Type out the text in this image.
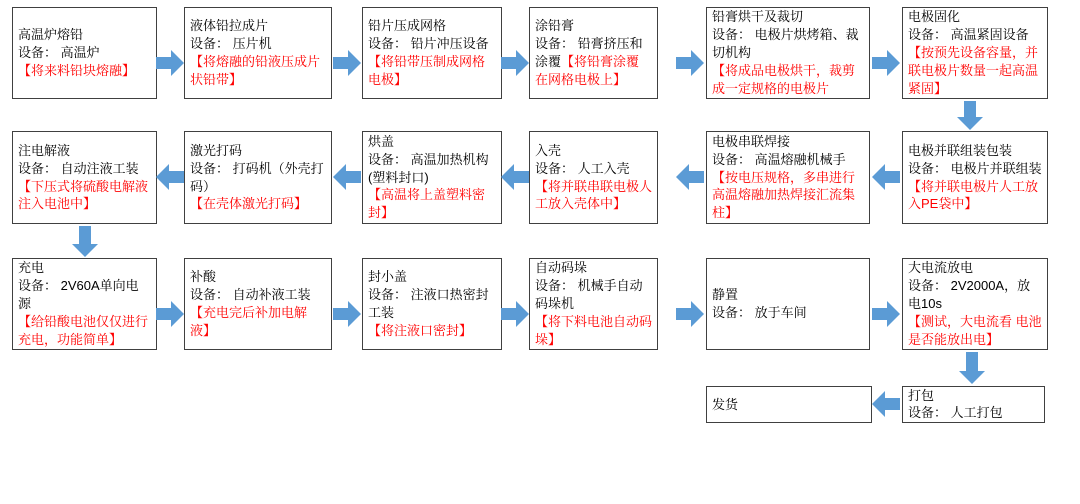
高温炉熔铅
设备： 高温炉
【将来料铅块熔融】
液体铅拉成片
设备： 压片机
【将熔融的铅液压成片状铅带】
铅片压成网格
设备： 铅片冲压设备
【将铅带压制成网格电极】
涂铅膏
设备： 铅膏挤压和涂覆【将铅膏涂覆在网格电极上】
铅膏烘干及裁切
设备： 电极片烘烤箱、裁切机构
【将成品电极烘干，裁剪成一定规格的电极片
电极固化
设备： 高温紧固设备
【按预先设备容量，并联电极片数量一起高温紧固】
注电解液
设备： 自动注液工装
【下压式将硫酸电解液注入电池中】
激光打码
设备： 打码机（外壳打码）
【在壳体激光打码】
烘盖
设备： 高温加热机构(塑料封口)
【高温将上盖塑料密封】
入壳
设备： 人工入壳
【将并联串联电极人工放入壳体中】
电极串联焊接
设备： 高温熔融机械手
【按电压规格，多串进行高温熔融加热焊接汇流集柱】
电极并联组装包装
设备： 电极片并联组装
【将并联电极片人工放入PE袋中】
充电
设备： 2V60A单向电源
【给铅酸电池仅仅进行充电，功能简单】
补酸
设备： 自动补液工装
【充电完后补加电解液】
封小盖
设备： 注液口热密封工装
【将注液口密封】
自动码垛
设备： 机械手自动码垛机
【将下料电池自动码垛】
静置
设备： 放于车间
大电流放电
设备： 2V2000A，放电10s
【测试，大电流看 电池是否能放出电】
发货
打包
设备： 人工打包
